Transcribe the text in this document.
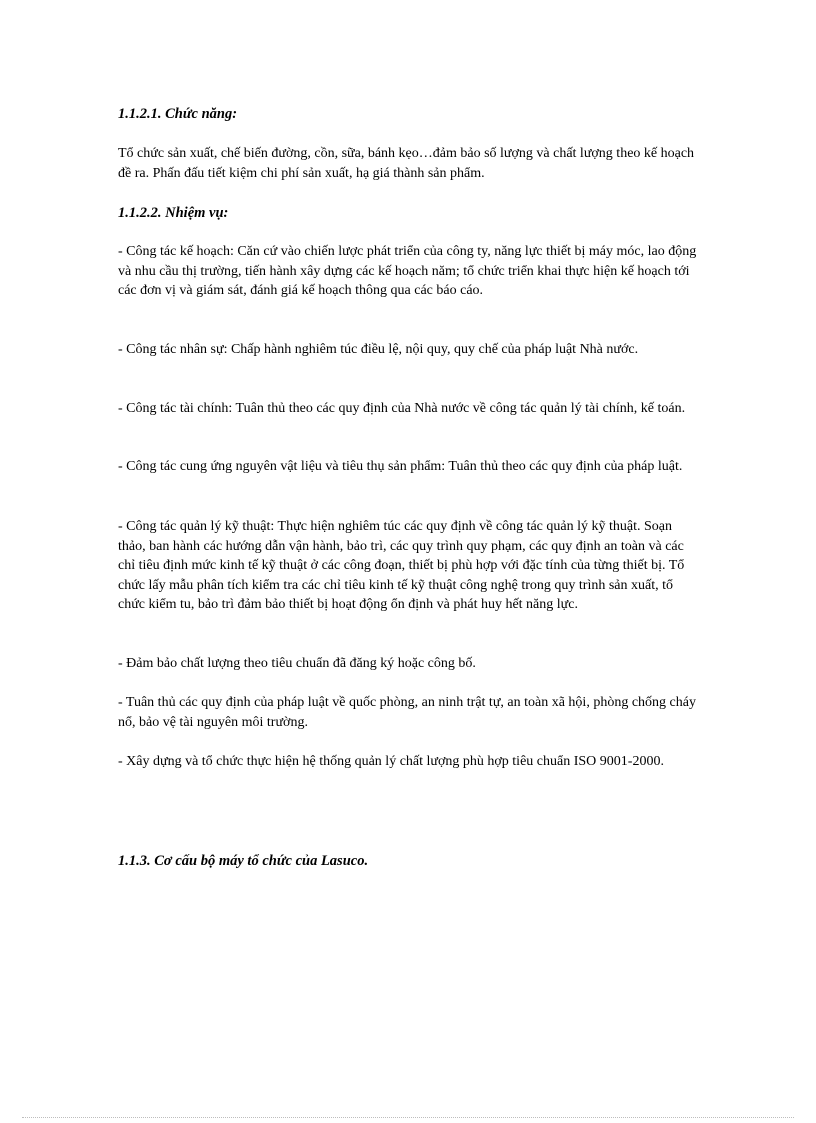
1.1.2.1. Chức năng:

Tổ chức sản xuất, chế biến đường, cồn, sữa, bánh kẹo…đảm bảo số lượng và chất lượng theo kế hoạch đề ra. Phấn đấu tiết kiệm chi phí sản xuất, hạ giá thành sản phẩm.

1.1.2.2. Nhiệm vụ:

- Công tác kế hoạch: Căn cứ vào chiến lược phát triển của công ty, năng lực thiết bị máy móc, lao động và nhu cầu thị trường, tiến hành xây dựng các kế hoạch năm; tổ chức triển khai thực hiện kế hoạch tới các đơn vị và giám sát, đánh giá kế hoạch thông qua các báo cáo.

- Công tác nhân sự: Chấp hành nghiêm túc điều lệ, nội quy, quy chế của pháp luật Nhà nước.

- Công tác tài chính: Tuân thủ theo các quy định của Nhà nước về công tác quản lý tài chính, kế toán.

- Công tác cung ứng nguyên vật liệu và tiêu thụ sản phẩm: Tuân thủ theo các quy định của pháp luật.

- Công tác quản lý kỹ thuật: Thực hiện nghiêm túc các quy định về công tác quản lý kỹ thuật. Soạn thảo, ban hành các hướng dẫn vận hành, bảo trì, các quy trình quy phạm, các quy định an toàn và các chỉ tiêu định mức kinh tế kỹ thuật ở các công đoạn, thiết bị phù hợp với đặc tính của từng thiết bị. Tổ chức lấy mẫu phân tích kiểm tra các chỉ tiêu kinh tế kỹ thuật công nghệ trong quy trình sản xuất, tổ chức kiểm tu, bảo trì đảm bảo thiết bị hoạt động ổn định và phát huy hết năng lực.

- Đảm bảo chất lượng theo tiêu chuẩn đã đăng ký hoặc công bố.

- Tuân thủ các quy định của pháp luật về quốc phòng, an ninh trật tự, an toàn xã hội, phòng chống cháy nổ, bảo vệ tài nguyên môi trường.

- Xây dựng và tổ chức thực hiện hệ thống quản lý chất lượng phù hợp tiêu chuẩn ISO 9001-2000.

1.1.3. Cơ cấu bộ máy tổ chức của Lasuco.
